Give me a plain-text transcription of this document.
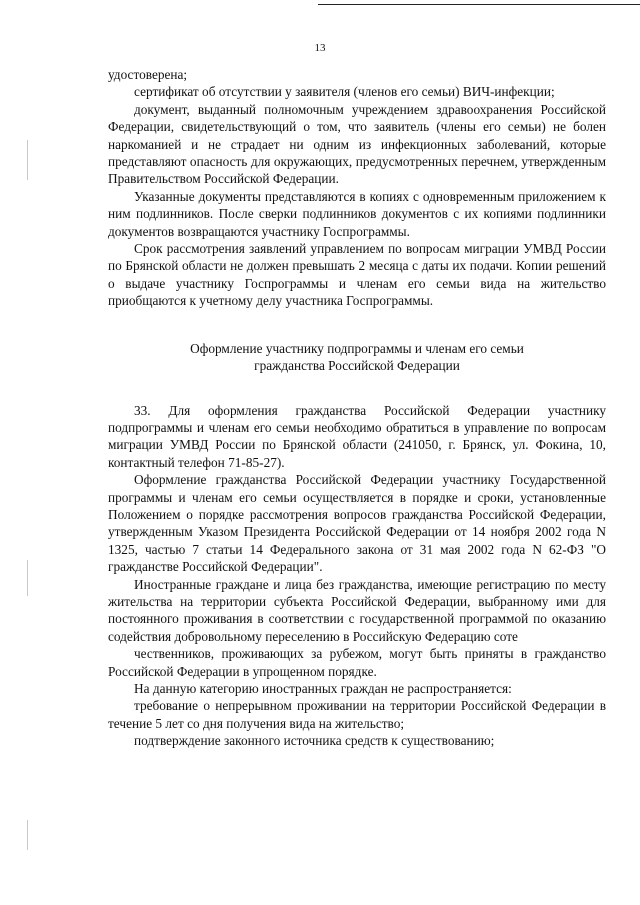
13

удостоверена;

сертификат об отсутствии у заявителя (членов его семьи) ВИЧ-инфекции;

документ, выданный полномочным учреждением здравоохранения Российской Федерации, свидетельствующий о том, что заявитель (члены его семьи) не болен наркоманией и не страдает ни одним из инфекционных заболеваний, которые представляют опасность для окружающих, предусмотренных перечнем, утвержденным Правительством Российской Федерации.

Указанные документы представляются в копиях с одновременным приложением к ним подлинников. После сверки подлинников документов с их копиями подлинники документов возвращаются участнику Госпрограммы.

Срок рассмотрения заявлений управлением по вопросам миграции УМВД России по Брянской области не должен превышать 2 месяца с даты их подачи. Копии решений о выдаче участнику Госпрограммы и членам его семьи вида на жительство приобщаются к учетному делу участника Госпрограммы.

Оформление участнику подпрограммы и членам его семьи
гражданства Российской Федерации

33. Для оформления гражданства Российской Федерации участнику подпрограммы и членам его семьи необходимо обратиться в управление по вопросам миграции УМВД России по Брянской области (241050, г. Брянск, ул. Фокина, 10, контактный телефон 71-85-27).

Оформление гражданства Российской Федерации участнику Государственной программы и членам его семьи осуществляется в порядке и сроки, установленные Положением о порядке рассмотрения вопросов гражданства Российской Федерации, утвержденным Указом Президента Российской Федерации от 14 ноября 2002 года N 1325, частью 7 статьи 14 Федерального закона от 31 мая 2002 года N 62-ФЗ "О гражданстве Российской Федерации".

Иностранные граждане и лица без гражданства, имеющие регистрацию по месту жительства на территории субъекта Российской Федерации, выбранному ими для постоянного проживания в соответствии с государственной программой по оказанию содействия добровольному переселению в Российскую Федерацию соте

чественников, проживающих за рубежом, могут быть приняты в гражданство Российской Федерации в упрощенном порядке.

На данную категорию иностранных граждан не распространяется:

требование о непрерывном проживании на территории Российской Федерации в течение 5 лет со дня получения вида на жительство;

подтверждение законного источника средств к существованию;
